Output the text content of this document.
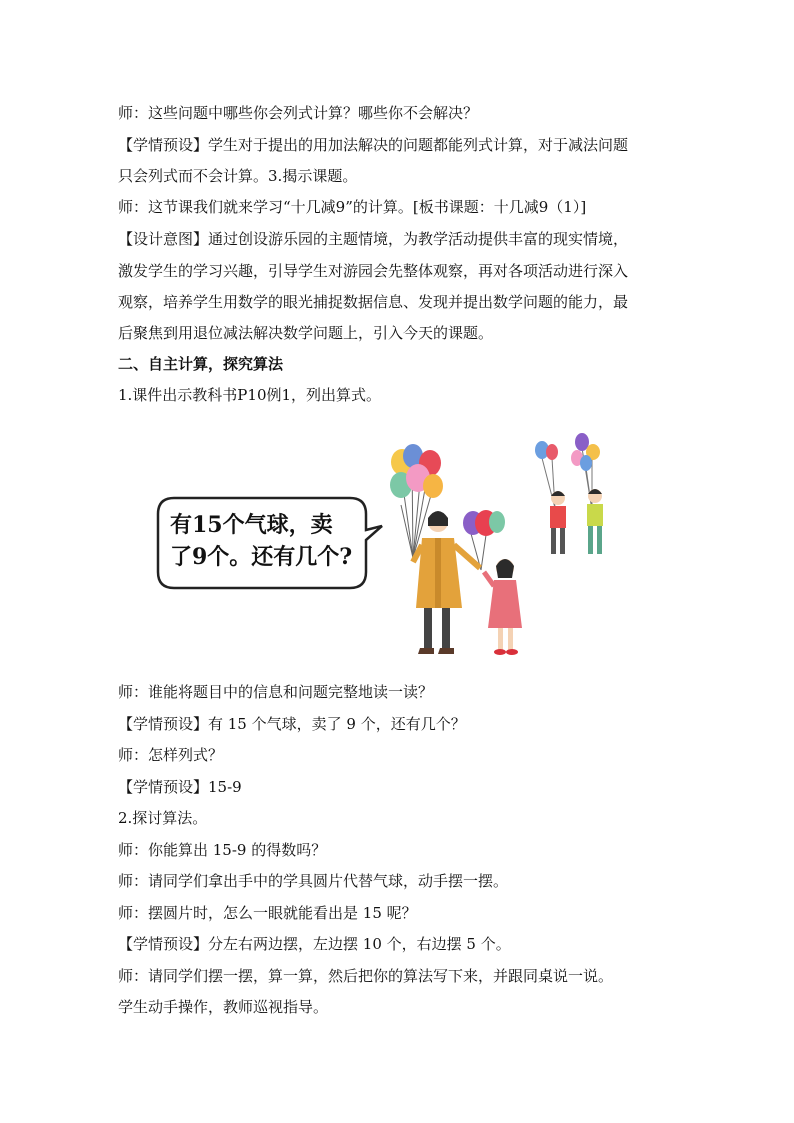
师：这些问题中哪些你会列式计算？哪些你不会解决？
【学情预设】学生对于提出的用加法解决的问题都能列式计算，对于减法问题
只会列式而不会计算。3.揭示课题。
师：这节课我们就来学习“十几减9”的计算。[板书课题：十几减9（1）]
【设计意图】通过创设游乐园的主题情境，为教学活动提供丰富的现实情境，
激发学生的学习兴趣，引导学生对游园会先整体观察，再对各项活动进行深入
观察，培养学生用数学的眼光捕捉数据信息、发现并提出数学问题的能力，最
后聚焦到用退位减法解决数学问题上，引入今天的课题。
二、自主计算，探究算法
1.课件出示教科书P10例1，列出算式。
有15个气球，卖
了9个。还有几个?
师：谁能将题目中的信息和问题完整地读一读？
【学情预设】有 15 个气球，卖了 9 个，还有几个？
师：怎样列式？
【学情预设】15-9
2.探讨算法。
师：你能算出 15-9 的得数吗？
师：请同学们拿出手中的学具圆片代替气球，动手摆一摆。
师：摆圆片时，怎么一眼就能看出是 15 呢？
【学情预设】分左右两边摆，左边摆 10 个，右边摆 5 个。
师：请同学们摆一摆，算一算，然后把你的算法写下来，并跟同桌说一说。
学生动手操作，教师巡视指导。
